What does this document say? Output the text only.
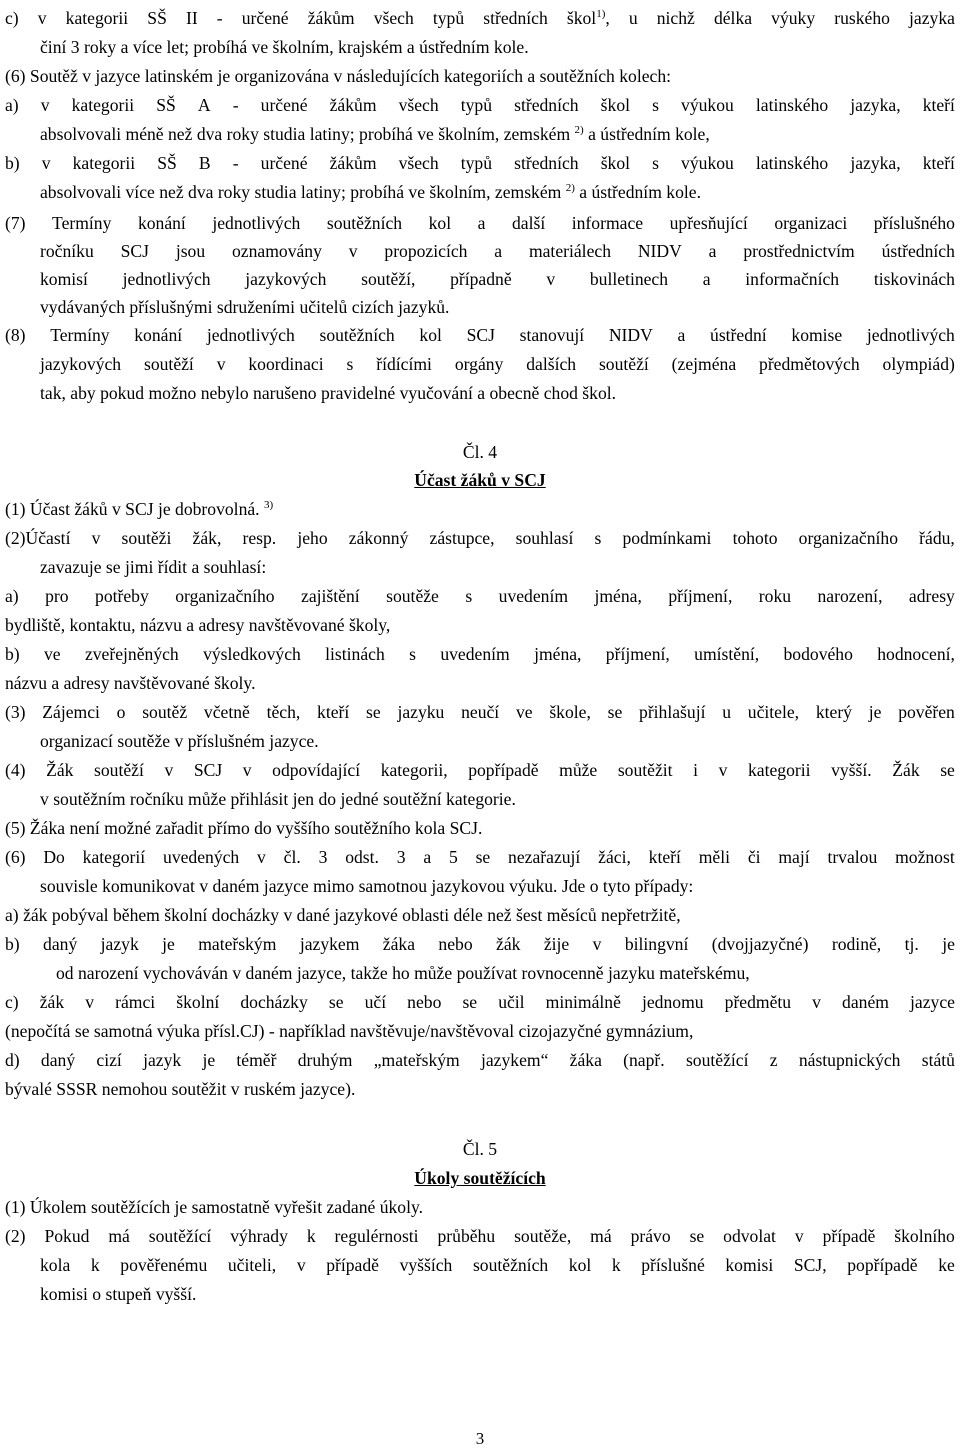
c) v kategorii SŠ II - určené žákům všech typů středních škol$^{1)}$, u nichž délka výuky ruského jazyka
činí 3 roky a více let; probíhá ve školním, krajském a ústředním kole.
(6) Soutěž v jazyce latinském je organizována v následujících kategoriích a soutěžních kolech:
a) v kategorii SŠ A - určené žákům všech typů středních škol s výukou latinského jazyka, kteří
absolvovali méně než dva roky studia latiny; probíhá ve školním, zemském $^{2)}$ a ústředním kole,
b) v kategorii SŠ B - určené žákům všech typů středních škol s výukou latinského jazyka, kteří
absolvovali více než dva roky studia latiny; probíhá ve školním, zemském $^{2)}$ a ústředním kole.
(7) Termíny konání jednotlivých soutěžních kol a další informace upřesňující organizaci příslušného
ročníku SCJ jsou oznamovány v propozicích a materiálech NIDV a prostřednictvím ústředních
komisí jednotlivých jazykových soutěží, případně v bulletinech a informačních tiskovinách
vydávaných příslušnými sdruženími učitelů cizích jazyků.
(8) Termíny konání jednotlivých soutěžních kol SCJ stanovují NIDV a ústřední komise jednotlivých
jazykových soutěží v koordinaci s řídícími orgány dalších soutěží (zejména předmětových olympiád)
tak, aby pokud možno nebylo narušeno pravidelné vyučování a obecně chod škol.
Čl. 4
Účast žáků v SCJ
(1) Účast žáků v SCJ je dobrovolná. $^{3)}$
(2)Účastí v soutěži žák, resp. jeho zákonný zástupce, souhlasí s podmínkami tohoto organizačního řádu,
zavazuje se jimi řídit a souhlasí:
a) pro potřeby organizačního zajištění soutěže s uvedením jména, příjmení, roku narození, adresy
bydliště, kontaktu, názvu a adresy navštěvované školy,
b) ve zveřejněných výsledkových listinách s uvedením jména, příjmení, umístění, bodového hodnocení,
názvu a adresy navštěvované školy.
(3) Zájemci o soutěž včetně těch, kteří se jazyku neučí ve škole, se přihlašují u učitele, který je pověřen
organizací soutěže v příslušném jazyce.
(4) Žák soutěží v SCJ v odpovídající kategorii, popřípadě může soutěžit i v kategorii vyšší. Žák se
v soutěžním ročníku může přihlásit jen do jedné soutěžní kategorie.
(5) Žáka není možné zařadit přímo do vyššího soutěžního kola SCJ.
(6) Do kategorií uvedených v čl. 3 odst. 3 a 5 se nezařazují žáci, kteří měli či mají trvalou možnost
souvisle komunikovat v daném jazyce mimo samotnou jazykovou výuku. Jde o tyto případy:
a) žák pobýval během školní docházky v dané jazykové oblasti déle než šest měsíců nepřetržitě,
b) daný jazyk je mateřským jazykem žáka nebo žák žije v bilingvní (dvojjazyčné) rodině, tj. je
od narození vychováván v daném jazyce, takže ho může používat rovnocenně jazyku mateřskému,
c) žák v rámci školní docházky se učí nebo se učil minimálně jednomu předmětu v daném jazyce
(nepočítá se samotná výuka přísl.CJ) - například navštěvuje/navštěvoval cizojazyčné gymnázium,
d) daný cizí jazyk je téměř druhým „mateřským jazykem“ žáka (např. soutěžící z nástupnických států
bývalé SSSR nemohou soutěžit v ruském jazyce).
Čl. 5
Úkoly soutěžících
(1) Úkolem soutěžících je samostatně vyřešit zadané úkoly.
(2) Pokud má soutěžící výhrady k regulérnosti průběhu soutěže, má právo se odvolat v případě školního
kola k pověřenému učiteli, v případě vyšších soutěžních kol k příslušné komisi SCJ, popřípadě ke
komisi o stupeň vyšší.
3
